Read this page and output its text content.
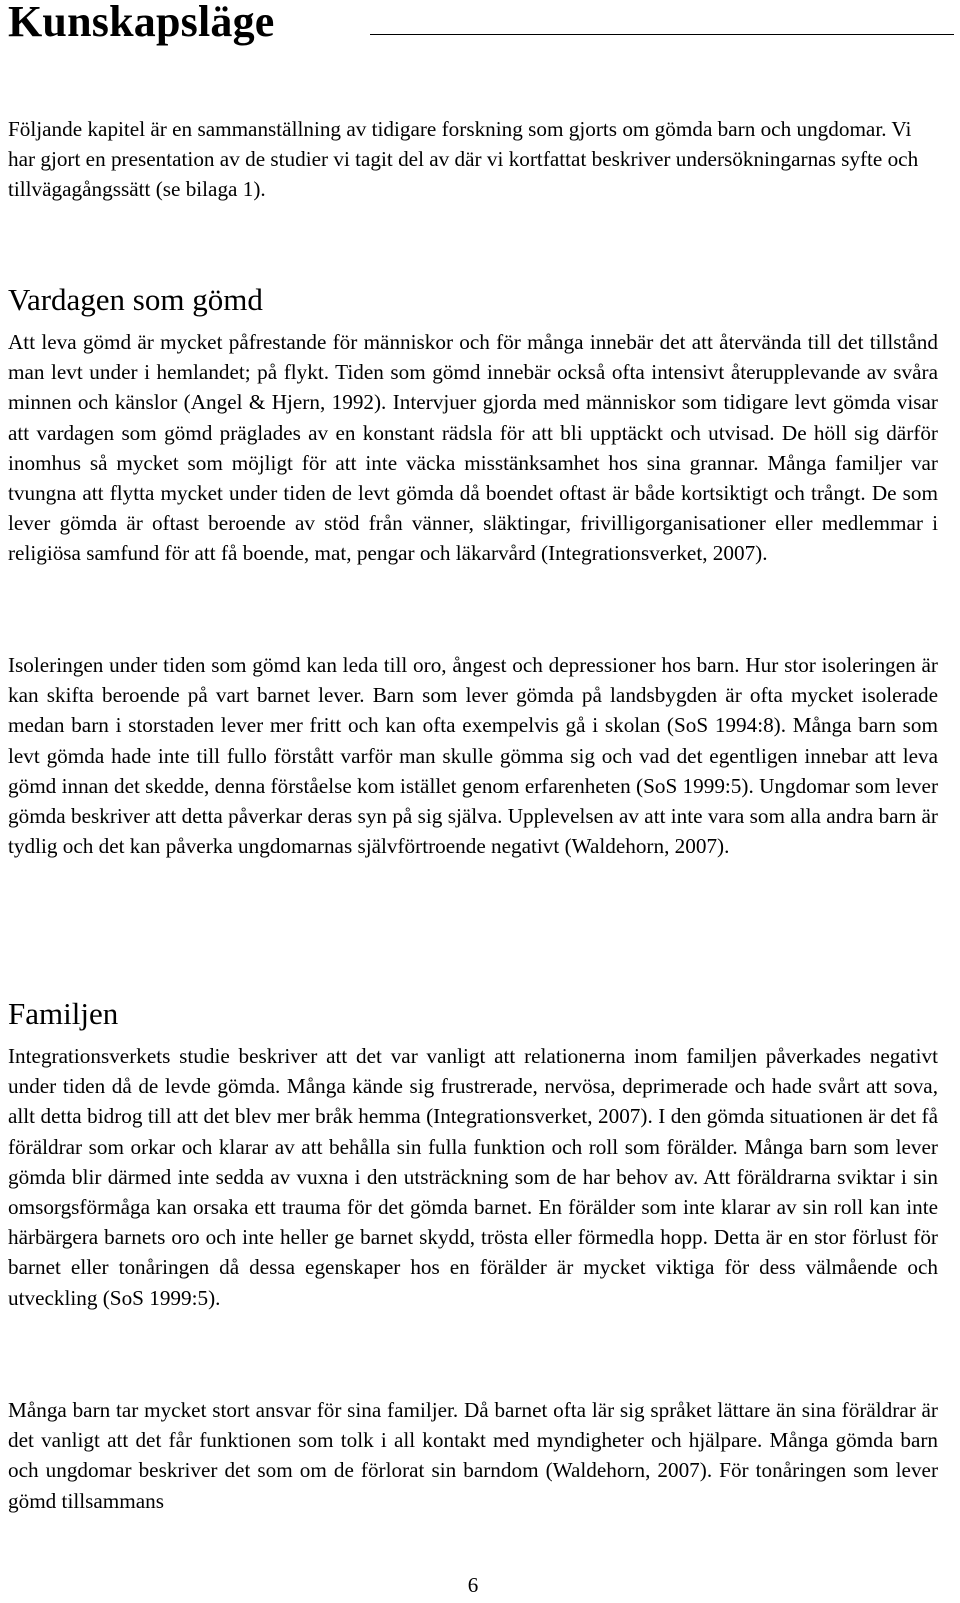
Kunskapsläge

Följande kapitel är en sammanställning av tidigare forskning som gjorts om gömda barn och ungdomar. Vi har gjort en presentation av de studier vi tagit del av där vi kortfattat beskriver undersökningarnas syfte och tillvägagångssätt (se bilaga 1).

Vardagen som gömd

Att leva gömd är mycket påfrestande för människor och för många innebär det att återvända till det tillstånd man levt under i hemlandet; på flykt. Tiden som gömd innebär också ofta intensivt återupplevande av svåra minnen och känslor (Angel & Hjern, 1992). Intervjuer gjorda med människor som tidigare levt gömda visar att vardagen som gömd präglades av en konstant rädsla för att bli upptäckt och utvisad. De höll sig därför inomhus så mycket som möjligt för att inte väcka misstänksamhet hos sina grannar. Många familjer var tvungna att flytta mycket under tiden de levt gömda då boendet oftast är både kortsiktigt och trångt. De som lever gömda är oftast beroende av stöd från vänner, släktingar, frivilligorganisationer eller medlemmar i religiösa samfund för att få boende, mat, pengar och läkarvård (Integrationsverket, 2007).

Isoleringen under tiden som gömd kan leda till oro, ångest och depressioner hos barn. Hur stor isoleringen är kan skifta beroende på vart barnet lever. Barn som lever gömda på landsbygden är ofta mycket isolerade medan barn i storstaden lever mer fritt och kan ofta exempelvis gå i skolan (SoS 1994:8). Många barn som levt gömda hade inte till fullo förstått varför man skulle gömma sig och vad det egentligen innebar att leva gömd innan det skedde, denna förståelse kom istället genom erfarenheten (SoS 1999:5). Ungdomar som lever gömda beskriver att detta påverkar deras syn på sig själva. Upplevelsen av att inte vara som alla andra barn är tydlig och det kan påverka ungdomarnas självförtroende negativt (Waldehorn, 2007).

Familjen

Integrationsverkets studie beskriver att det var vanligt att relationerna inom familjen påverkades negativt under tiden då de levde gömda. Många kände sig frustrerade, nervösa, deprimerade och hade svårt att sova, allt detta bidrog till att det blev mer bråk hemma (Integrationsverket, 2007). I den gömda situationen är det få föräldrar som orkar och klarar av att behålla sin fulla funktion och roll som förälder. Många barn som lever gömda blir därmed inte sedda av vuxna i den utsträckning som de har behov av. Att föräldrarna sviktar i sin omsorgsförmåga kan orsaka ett trauma för det gömda barnet. En förälder som inte klarar av sin roll kan inte härbärgera barnets oro och inte heller ge barnet skydd, trösta eller förmedla hopp. Detta är en stor förlust för barnet eller tonåringen då dessa egenskaper hos en förälder är mycket viktiga för dess välmående och utveckling (SoS 1999:5).

Många barn tar mycket stort ansvar för sina familjer. Då barnet ofta lär sig språket lättare än sina föräldrar är det vanligt att det får funktionen som tolk i all kontakt med myndigheter och hjälpare. Många gömda barn och ungdomar beskriver det som om de förlorat sin barndom (Waldehorn, 2007). För tonåringen som lever gömd tillsammans

6
